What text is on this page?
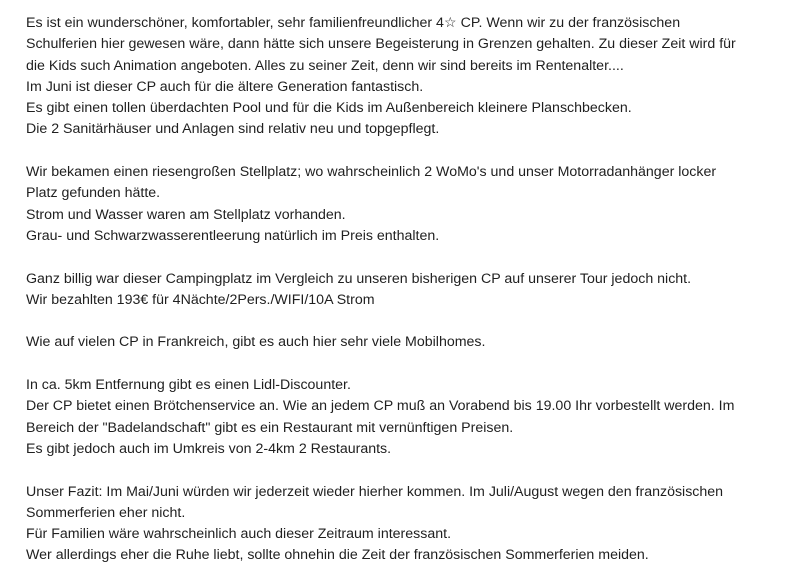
Es ist ein wunderschöner, komfortabler, sehr familienfreundlicher 4☆ CP. Wenn wir zu der französischen
Schulferien hier gewesen wäre, dann hätte sich unsere Begeisterung in Grenzen gehalten. Zu dieser Zeit wird für
die Kids such Animation angeboten. Alles zu seiner Zeit, denn wir sind bereits im Rentenalter....
Im Juni ist dieser CP auch für die ältere Generation fantastisch.
Es gibt einen tollen überdachten Pool und für die Kids im Außenbereich kleinere Planschbecken.
Die 2 Sanitärhäuser und Anlagen sind relativ neu und topgepflegt.
Wir bekamen einen riesengroßen Stellplatz; wo wahrscheinlich 2 WoMo's und unser Motorradanhänger locker
Platz gefunden hätte.
Strom und Wasser waren am Stellplatz vorhanden.
Grau- und Schwarzwasserentleerung natürlich im Preis enthalten.
Ganz billig war dieser Campingplatz im Vergleich zu unseren bisherigen CP auf unserer Tour jedoch nicht.
Wir bezahlten 193€ für 4Nächte/2Pers./WIFI/10A Strom
Wie auf vielen CP in Frankreich, gibt es auch hier sehr viele Mobilhomes.
In ca. 5km Entfernung gibt es einen Lidl-Discounter.
Der CP bietet einen Brötchenservice an. Wie an jedem CP muß an Vorabend bis 19.00 Ihr vorbestellt werden. Im
Bereich der "Badelandschaft" gibt es ein Restaurant mit vernünftigen Preisen.
Es gibt jedoch auch im Umkreis von 2-4km 2 Restaurants.
Unser Fazit: Im Mai/Juni würden wir jederzeit wieder hierher kommen. Im Juli/August wegen den französischen
Sommerferien eher nicht.
Für Familien wäre wahrscheinlich auch dieser Zeitraum interessant.
Wer allerdings eher die Ruhe liebt, sollte ohnehin die Zeit der französischen Sommerferien meiden.
